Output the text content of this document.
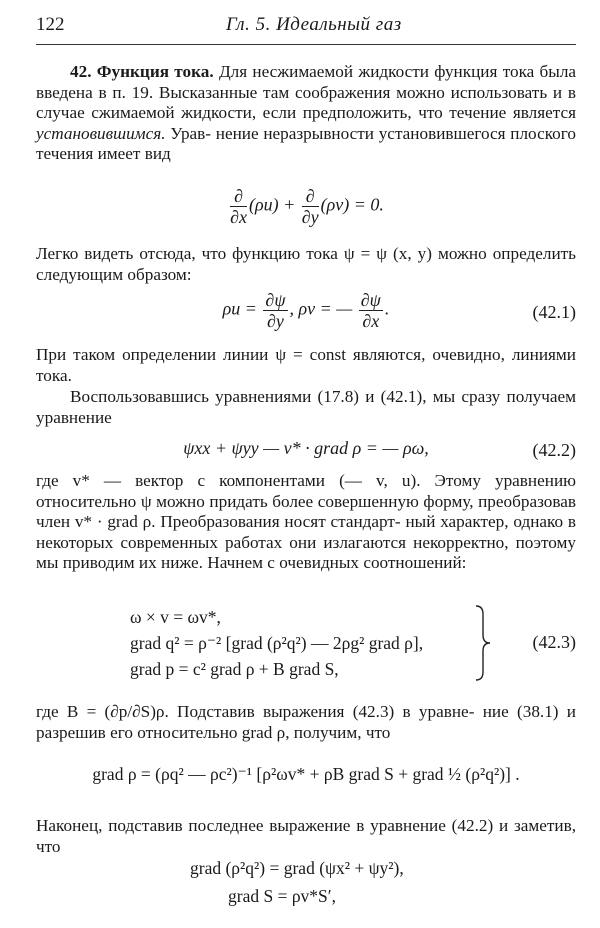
122	Гл. 5. Идеальный газ

42. Функция тока. Для несжимаемой жидкости функция тока была введена в п. 19. Высказанные там соображения можно использовать и в случае сжимаемой жидкости, если предположить, что течение является установившимся. Урав- нение неразрывности установившегося плоского течения имеет вид

$\frac{\partial}{\partial x} (\rho u) + \frac{\partial}{\partial y} (\rho v) = 0$.

Легко видеть отсюда, что функцию тока ψ = ψ (x, y) можно определить следующим образом:

$\rho u = \frac{\partial\psi}{\partial y}$ , ρv = — $\frac{\partial\psi}{\partial x}$ .	(42.1)

При таком определении линии ψ = const являются, очевидно, линиями тока.

Воспользовавшись уравнениями (17.8) и (42.1), мы сразу получаем уравнение

ψxx + ψyy — v* · grad ρ = — ρω,	(42.2)

где v* — вектор с компонентами (— v, u). Этому уравнению относительно ψ можно придать более совершенную форму, преобразовав член v* · grad ρ. Преобразования носят стандарт- ный характер, однако в некоторых современных работах они излагаются некорректно, поэтому мы приводим их ниже. Начнем с очевидных соотношений:

ω × v = ωv*,
grad q² = ρ⁻² [grad (ρ²q²) — 2ρg² grad ρ],
grad p = c² grad ρ + B grad S,
(42.3)

где B = (∂p/∂S)ρ. Подставив выражения (42.3) в уравне- ние (38.1) и разрешив его относительно grad ρ, получим, что

grad ρ = (ρq² — ρc²)⁻¹ [ρ²ωv* + ρB grad S + grad ½ (ρ²q²)] .

Наконец, подставив последнее выражение в уравнение (42.2) и заметив, что

grad (ρ²q²) = grad (ψx² + ψy²),
grad S = ρv*S′,
